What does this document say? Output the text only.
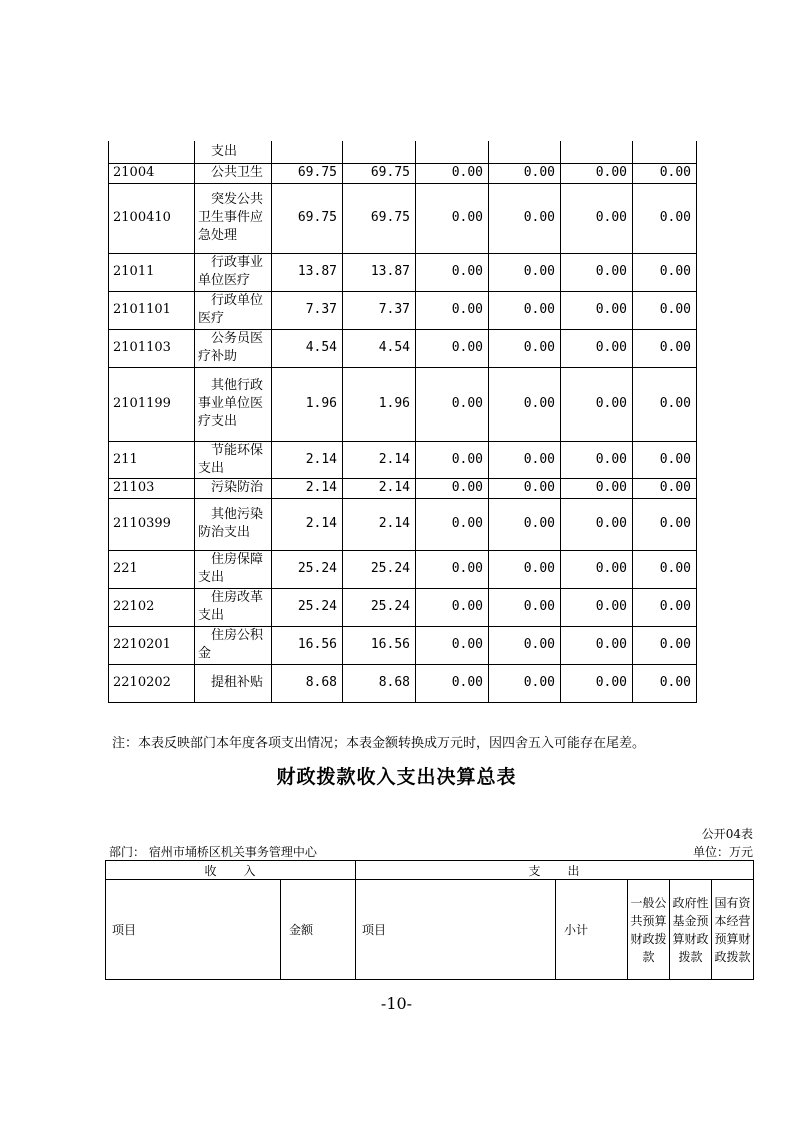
	支出						

21004	公共卫生	69.75	69.75	0.00	0.00	0.00	0.00
2100410	突发公共卫生事件应急处理	69.75	69.75	0.00	0.00	0.00	0.00
21011	行政事业单位医疗	13.87	13.87	0.00	0.00	0.00	0.00
2101101	行政单位医疗	7.37	7.37	0.00	0.00	0.00	0.00
2101103	公务员医疗补助	4.54	4.54	0.00	0.00	0.00	0.00
2101199	其他行政事业单位医疗支出	1.96	1.96	0.00	0.00	0.00	0.00
211	节能环保支出	2.14	2.14	0.00	0.00	0.00	0.00
21103	污染防治	2.14	2.14	0.00	0.00	0.00	0.00
2110399	其他污染防治支出	2.14	2.14	0.00	0.00	0.00	0.00
221	住房保障支出	25.24	25.24	0.00	0.00	0.00	0.00
22102	住房改革支出	25.24	25.24	0.00	0.00	0.00	0.00
2210201	住房公积金	16.56	16.56	0.00	0.00	0.00	0.00
2210202	提租补贴	8.68	8.68	0.00	0.00	0.00	0.00
注：本表反映部门本年度各项支出情况；本表金额转换成万元时，因四舍五入可能存在尾差。
财政拨款收入支出决算总表
公开04表
部门： 宿州市埇桥区机关事务管理中心	单位：万元
收　　入		支　　出				
项目	金额	项目	小计	一般公共预算财政拨款	政府性基金预算财政拨款	国有资本经营预算财政拨款
-10-
